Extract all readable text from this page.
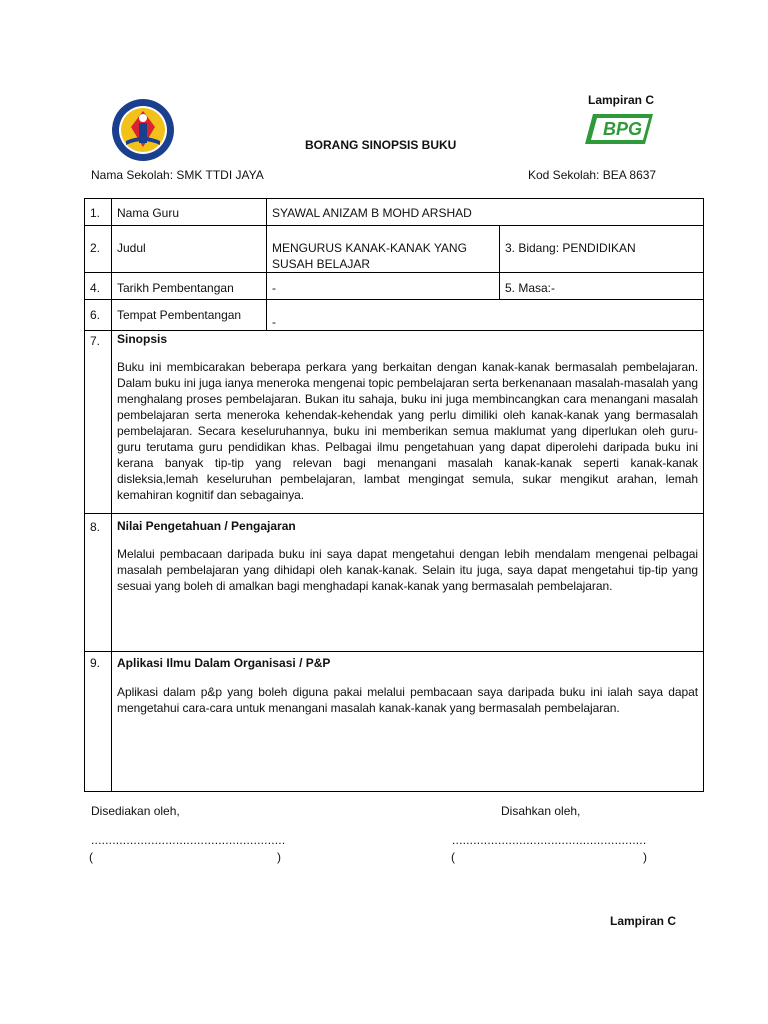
Lampiran C
BPG
BORANG SINOPSIS BUKU
Nama Sekolah: SMK TTDI JAYA	Kod Sekolah: BEA 8637
1.	Nama Guru	SYAWAL ANIZAM B MOHD ARSHAD	
2.	Judul	MENGURUS KANAK-KANAK YANG SUSAH BELAJAR	3. Bidang: PENDIDIKAN
4.	Tarikh Pembentangan	-	5. Masa:-
6.	Tempat Pembentangan	-	
7.	Sinopsis

Buku ini membicarakan beberapa perkara yang berkaitan dengan kanak-kanak bermasalah pembelajaran. Dalam buku ini juga ianya meneroka mengenai topic pembelajaran serta berkenanaan masalah-masalah yang menghalang proses pembelajaran. Bukan itu sahaja, buku ini juga membincangkan cara menangani masalah pembelajaran serta meneroka kehendak-kehendak yang perlu dimiliki oleh kanak-kanak yang bermasalah pembelajaran. Secara keseluruhannya, buku ini memberikan semua maklumat yang diperlukan oleh guru-guru terutama guru pendidikan khas. Pelbagai ilmu pengetahuan yang dapat diperolehi daripada buku ini kerana banyak tip-tip yang relevan bagi menangani masalah kanak-kanak seperti kanak-kanak disleksia,lemah keseluruhan pembelajaran, lambat mengingat semula, sukar mengikut arahan, lemah kemahiran kognitif dan sebagainya.		

8.	Nilai Pengetahuan / Pengajaran

Melalui pembacaan daripada buku ini saya dapat mengetahui dengan lebih mendalam mengenai pelbagai masalah pembelajaran yang dihidapi oleh kanak-kanak. Selain itu juga, saya dapat mengetahui tip-tip yang sesuai yang boleh di amalkan bagi menghadapi kanak-kanak yang bermasalah pembelajaran.		

9.	Aplikasi Ilmu Dalam Organisasi / P&P

Aplikasi dalam p&p yang boleh diguna pakai melalui pembacaan saya daripada buku ini ialah saya dapat mengetahui cara-cara untuk menangani masalah kanak-kanak yang bermasalah pembelajaran.		

Disediakan oleh,	Disahkan oleh,
.......................................................	.......................................................
(	)	(	)
Lampiran C
